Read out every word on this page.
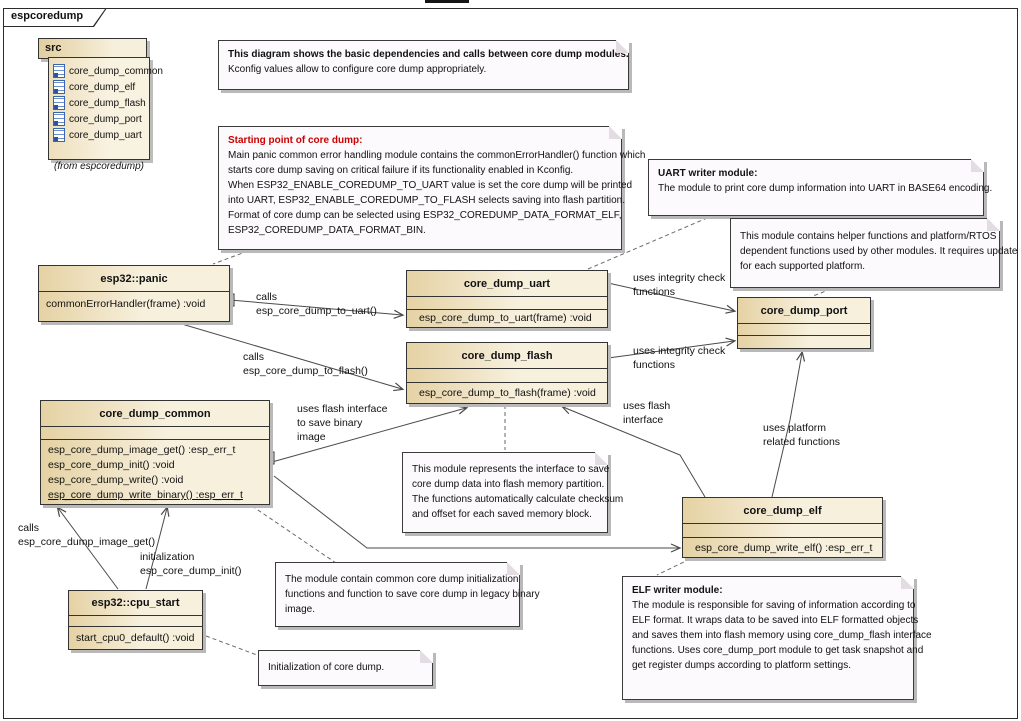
espcoredump
src
core_dump_common
core_dump_elf
core_dump_flash
core_dump_port
core_dump_uart
(from espcoredump)
This diagram shows the basic dependencies and calls between core dump modules.
Kconfig values allow to configure core dump appropriately.
Starting point of core dump:
Main panic common error handling module contains the commonErrorHandler() function which
starts core dump saving on critical failure if its functionality enabled in Kconfig.
When ESP32_ENABLE_COREDUMP_TO_UART value is set the core dump will be printed
into UART, ESP32_ENABLE_COREDUMP_TO_FLASH selects saving into flash partition.
Format of core dump can be selected using ESP32_COREDUMP_DATA_FORMAT_ELF,
ESP32_COREDUMP_DATA_FORMAT_BIN.
UART writer module:
The module to print core dump information into UART in BASE64 encoding.
This module contains helper functions and platform/RTOS
dependent functions used by other modules. It requires update
for each supported platform.
This module represents the interface to save
core dump data into flash memory partition.
The functions automatically calculate checksum
and offset for each saved memory block.
The module contain common core dump initialization
functions and function to save core dump in legacy binary
image.
Initialization of core dump.
ELF writer module:
The module is responsible for saving of information according to
ELF format. It wraps data to be saved into ELF formatted objects
and saves them into flash memory using core_dump_flash interface
functions. Uses core_dump_port module to get task snapshot and
get register dumps according to platform settings.
esp32::panic
commonErrorHandler(frame) :void
core_dump_uart
esp_core_dump_to_uart(frame) :void
core_dump_flash
esp_core_dump_to_flash(frame) :void
core_dump_port
core_dump_common
esp_core_dump_image_get() :esp_err_t
esp_core_dump_init() :void
esp_core_dump_write() :void
esp_core_dump_write_binary() :esp_err_t
core_dump_elf
esp_core_dump_write_elf() :esp_err_t
esp32::cpu_start
start_cpu0_default() :void
calls
esp_core_dump_to_uart()
calls
esp_core_dump_to_flash()
uses integrity check
functions
uses integrity check
functions
uses flash interface
to save binary
image
uses flash
interface
uses platform
related functions
calls
esp_core_dump_image_get()
initialization
esp_core_dump_init()
